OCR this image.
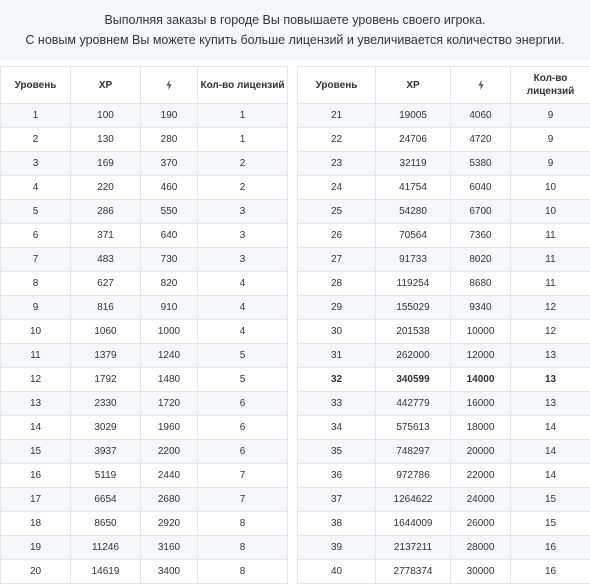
Выполняя заказы в городе Вы повышаете уровень своего игрока.
С новым уровнем Вы можете купить больше лицензий и увеличивается количество энергии.
Уровень	XP		Кол-во лицензий
1	100	190	1
2	130	280	1
3	169	370	2
4	220	460	2
5	286	550	3
6	371	640	3
7	483	730	3
8	627	820	4
9	816	910	4
10	1060	1000	4
11	1379	1240	5
12	1792	1480	5
13	2330	1720	6
14	3029	1960	6
15	3937	2200	6
16	5119	2440	7
17	6654	2680	7
18	8650	2920	8
19	11246	3160	8
20	14619	3400	8
Уровень	XP		Кол-во лицензий
21	19005	4060	9
22	24706	4720	9
23	32119	5380	9
24	41754	6040	10
25	54280	6700	10
26	70564	7360	11
27	91733	8020	11
28	119254	8680	11
29	155029	9340	12
30	201538	10000	12
31	262000	12000	13
32	340599	14000	13
33	442779	16000	13
34	575613	18000	14
35	748297	20000	14
36	972786	22000	14
37	1264622	24000	15
38	1644009	26000	15
39	2137211	28000	16
40	2778374	30000	16
